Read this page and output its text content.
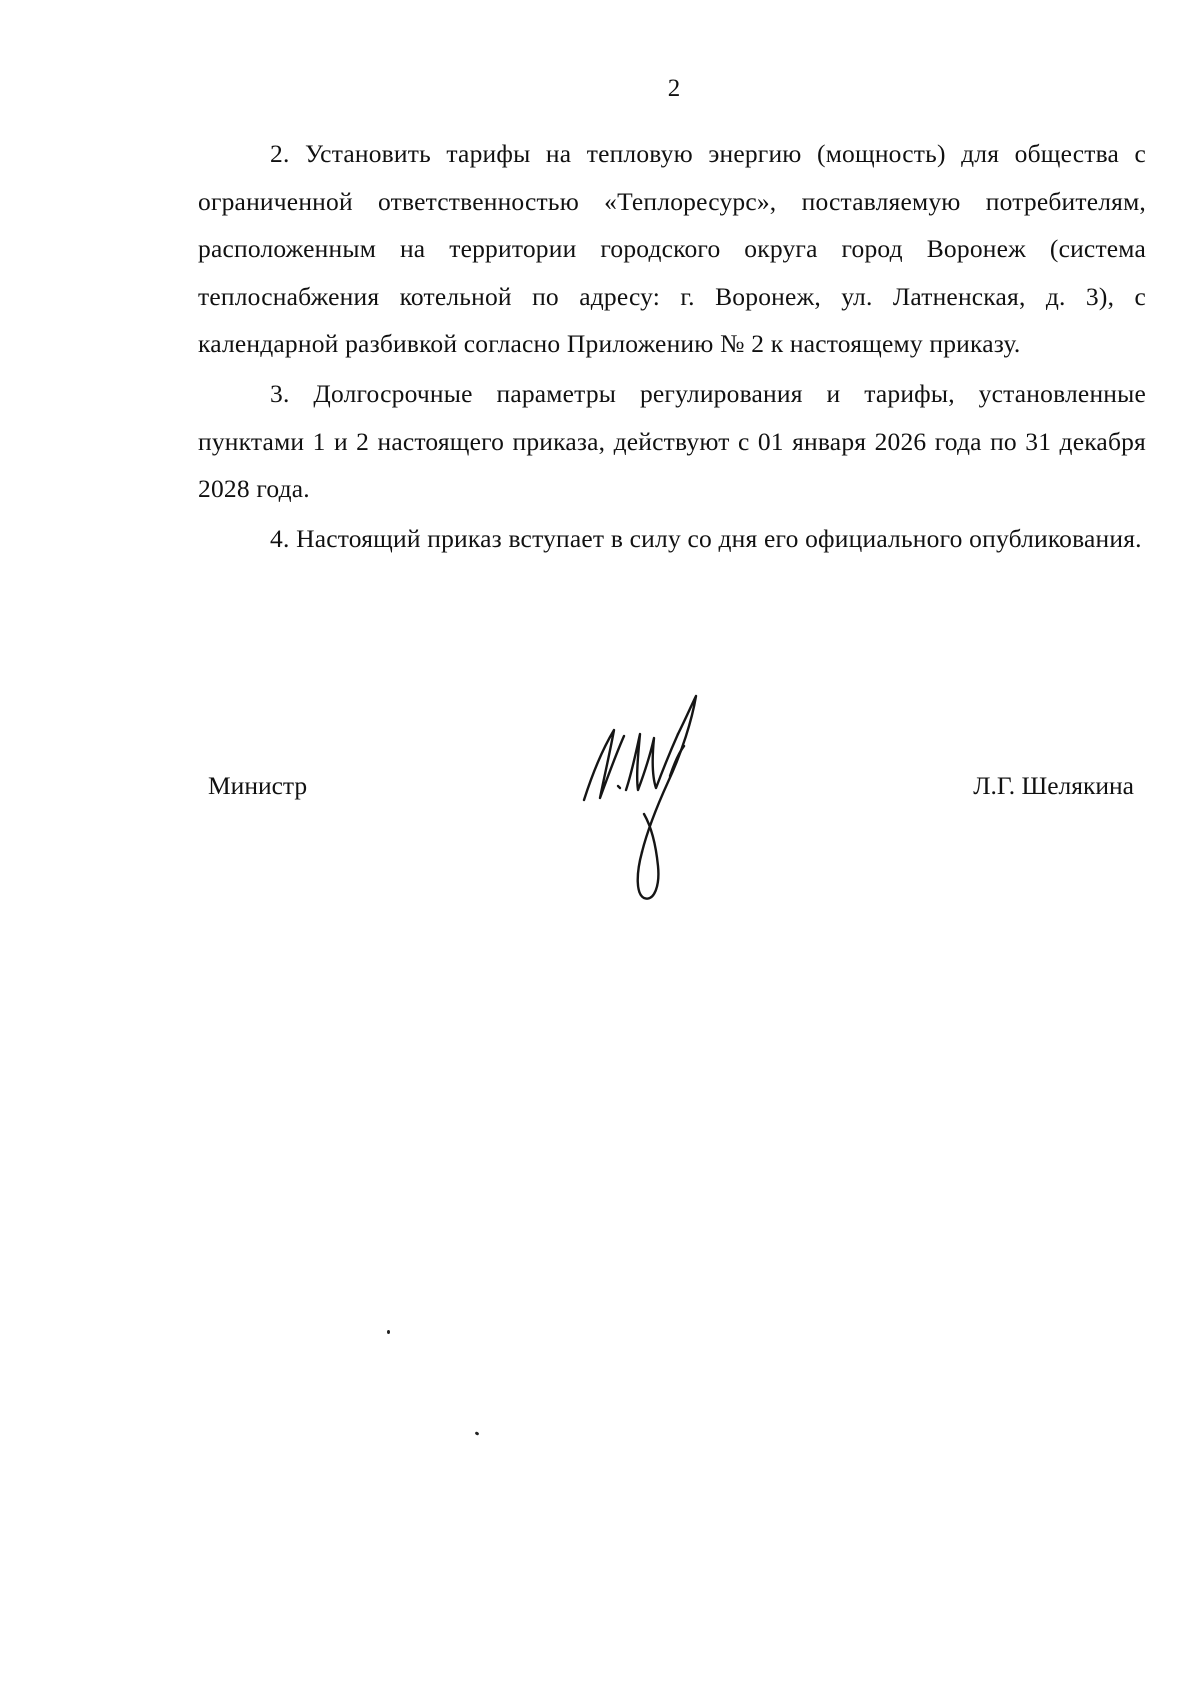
2

2. Установить тарифы на тепловую энергию (мощность) для общества с ограниченной ответственностью «Теплоресурс», поставляемую потребителям, расположенным на территории городского округа город Воронеж (система теплоснабжения котельной по адресу: г. Воронеж, ул. Латненская, д. 3), с календарной разбивкой согласно Приложению № 2 к настоящему приказу.

3. Долгосрочные параметры регулирования и тарифы, установленные пунктами 1 и 2 настоящего приказа, действуют с 01 января 2026 года по 31 декабря 2028 года.

4. Настоящий приказ вступает в силу со дня его официального опубликования.

Министр	Л.Г. Шелякина
